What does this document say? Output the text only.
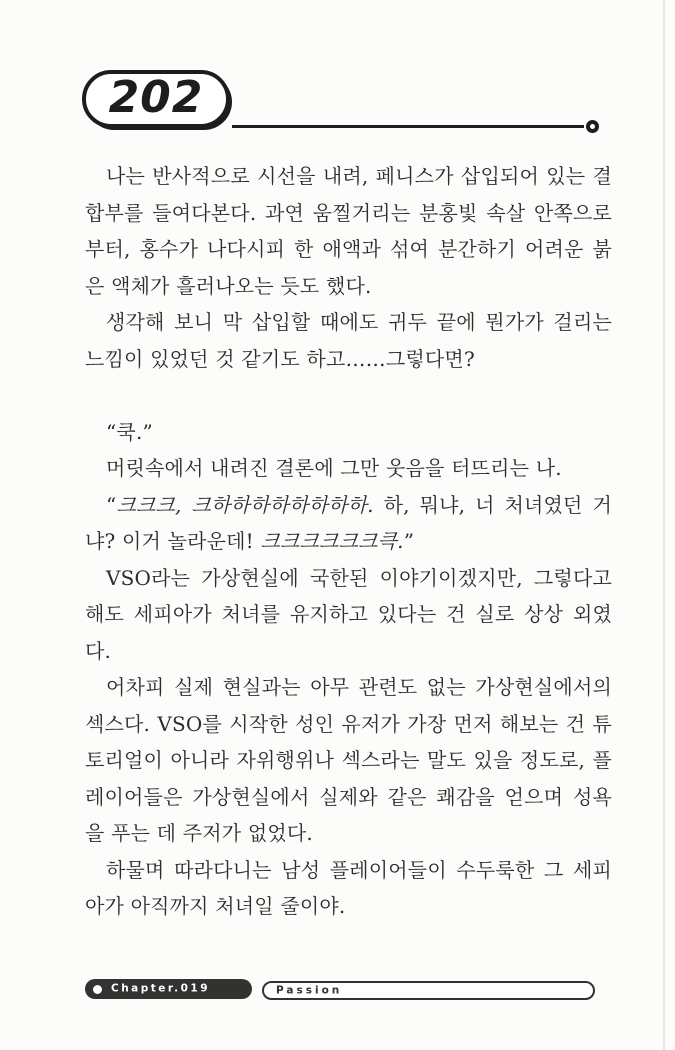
202

나는 반사적으로 시선을 내려, 페니스가 삽입되어 있는 결합부를 들여다본다. 과연 움찔거리는 분홍빛 속살 안쪽으로부터, 홍수가 나다시피 한 애액과 섞여 분간하기 어려운 붉은 액체가 흘러나오는 듯도 했다.

생각해 보니 막 삽입할 때에도 귀두 끝에 뭔가가 걸리는 느낌이 있었던 것 같기도 하고……그렇다면?

“쿡.”

머릿속에서 내려진 결론에 그만 웃음을 터뜨리는 나.

“크크크, 크하하하하하하하하. 하, 뭐냐, 너 처녀였던 거냐? 이거 놀라운데! 크크크크크크큭.”

VSO라는 가상현실에 국한된 이야기이겠지만, 그렇다고 해도 세피아가 처녀를 유지하고 있다는 건 실로 상상 외였다.

어차피 실제 현실과는 아무 관련도 없는 가상현실에서의 섹스다. VSO를 시작한 성인 유저가 가장 먼저 해보는 건 튜토리얼이 아니라 자위행위나 섹스라는 말도 있을 정도로, 플레이어들은 가상현실에서 실제와 같은 쾌감을 얻으며 성욕을 푸는 데 주저가 없었다.

하물며 따라다니는 남성 플레이어들이 수두룩한 그 세피아가 아직까지 처녀일 줄이야.

Chapter.019	Passion
